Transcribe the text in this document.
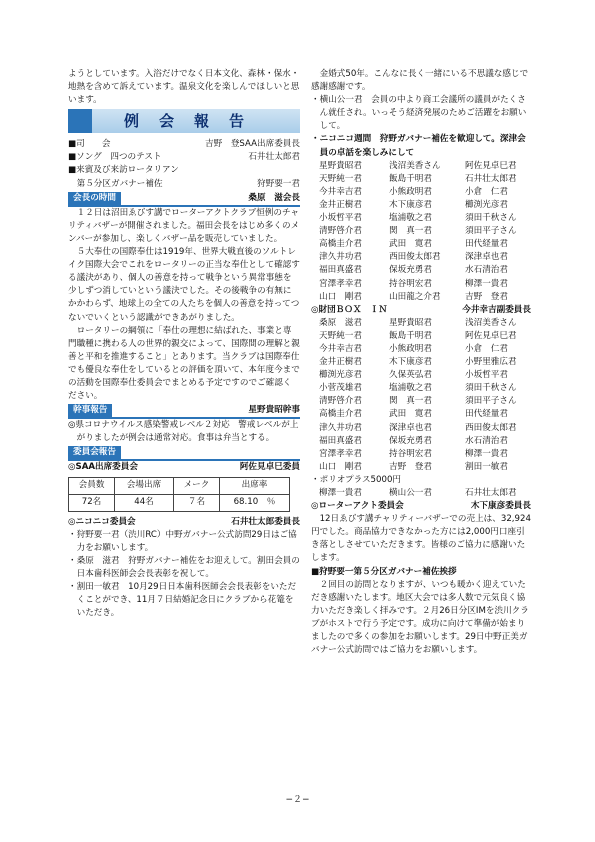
ようとしています。入浴だけでなく日本文化、森林・保水・地熱を含めて訴えています。温泉文化を楽しんでほしいと思います。

例会報告
■司　　会	吉野　登SAA出席委員長
■ソング　四つのテスト	石井壮太郎君
■来賓及び来訪ロータリアン
　第５分区ガバナー補佐	狩野要一君
会長の時間	桑原　滋会長

１２日は沼田ゑびす講でローターアクトクラブ恒例のチャリティバザーが開催されました。福田会長をはじめ多くのメンバーが参加し、楽しくバザー品を販売していました。

５大奉仕の国際奉仕は1919年、世界大戦直後のソルトレイク国際大会でこれをロータリーの正当な奉仕として確認する議決があり、個人の善意を持って戦争という異常事態を少しずつ消していという議決でした。その後戦争の有無にかかわらず、地球上の全ての人たちを個人の善意を持ってつないでいくという認識ができあがりました。

ロータリーの綱領に「奉仕の理想に結ばれた、事業と専門職種に携わる人の世界的親交によって、国際間の理解と親善と平和を推進すること」とあります。当クラブは国際奉仕でも優良な奉仕をしているとの評価を頂いて、本年度今までの活動を国際奉仕委員会でまとめる予定ですのでご確認ください。

幹事報告	星野貴昭幹事

◎県コロナウイルス感染警戒レベル２対応　警戒レベルが上がりましたが例会は通常対応。食事は弁当とする。

委員会報告
◎SAA出席委員会	阿佐見卓巳委員
会員数	会場出席	メーク	出席率
72名	44名	７名	68.10　％
◎ニコニコ委員会	石井壮太郎委員長

・狩野要一君（渋川RC）中野ガバナー公式訪問29日はご協力をお願いします。

・桑原　滋君　狩野ガバナー補佐をお迎えして。割田会員の日本歯科医師会会長表彰を祝して。

・割田一敏君　10月29日日本歯科医師会会長表彰をいただくことができ、11月７日結婚記念日にクラブから花篭をいただき。

金婚式50年。こんなに長く一緒にいる不思議な感じで感謝感謝です。

・横山公一君　会員の中より商工会議所の議員がたくさん就任され。いっそう経済発展のためご活躍をお願いして。

・ニコニコ週間　狩野ガバナー補佐を歓迎して。深津会員の卓話を楽しみにして

星野貴昭君	浅沼美香さん	阿佐見卓巳君
天野純一君	飯島千明君	石井壮太郎君
今井幸吉君	小熊政明君	小倉　仁君
金井正樹君	木下康彦君	櫛渕光彦君
小坂哲平君	塩浦敬之君	須田千秋さん
清野啓介君	関　真一君	須田平子さん
高橋圭介君	武田　寛君	田代経量君
津久井功君	西田俊太郎君	深津卓也君
福田真盛君	保坂充勇君	水石清治君
宮澤孝幸君	持谷明宏君	柳澤一貴君
山口　剛君	山田龍之介君	吉野　登君
◎財団ＢＯＸ　ＩＮ	今井幸吉副委員長
桑原　滋君	星野貴昭君	浅沼美香さん
天野純一君	飯島千明君	阿佐見卓巳君
今井幸吉君	小熊政明君	小倉　仁君
金井正樹君	木下康彦君	小野里雅広君
櫛渕光彦君	久保英弘君	小坂哲平君
小菅茂雄君	塩浦敬之君	須田千秋さん
清野啓介君	関　真一君	須田平子さん
高橋圭介君	武田　寛君	田代経量君
津久井功君	深津卓也君	西田俊太郎君
福田真盛君	保坂充勇君	水石清治君
宮澤孝幸君	持谷明宏君	柳澤一貴君
山口　剛君	吉野　登君	割田一敏君

・ポリオプラス5000円

柳澤一貴君	横山公一君	石井壮太郎君
◎ローターアクト委員会	木下康彦委員長

12日ゑびす講チャリティーバザーでの売上は、32,924円でした。商品協力できなかった方には2,000円口座引き落としさせていただきます。皆様のご協力に感謝いたします。

■狩野要一第５分区ガバナー補佐挨拶

２回目の訪問となりますが、いつも暖かく迎えていただき感謝いたします。地区大会では多人数で元気良く協力いただき楽しく拝みです。２月26日分区IMを渋川クラブがホストで行う予定です。成功に向けて準備が始まりましたので多くの参加をお願いします。29日中野正美ガバナー公式訪問ではご協力をお願いします。

−２−
